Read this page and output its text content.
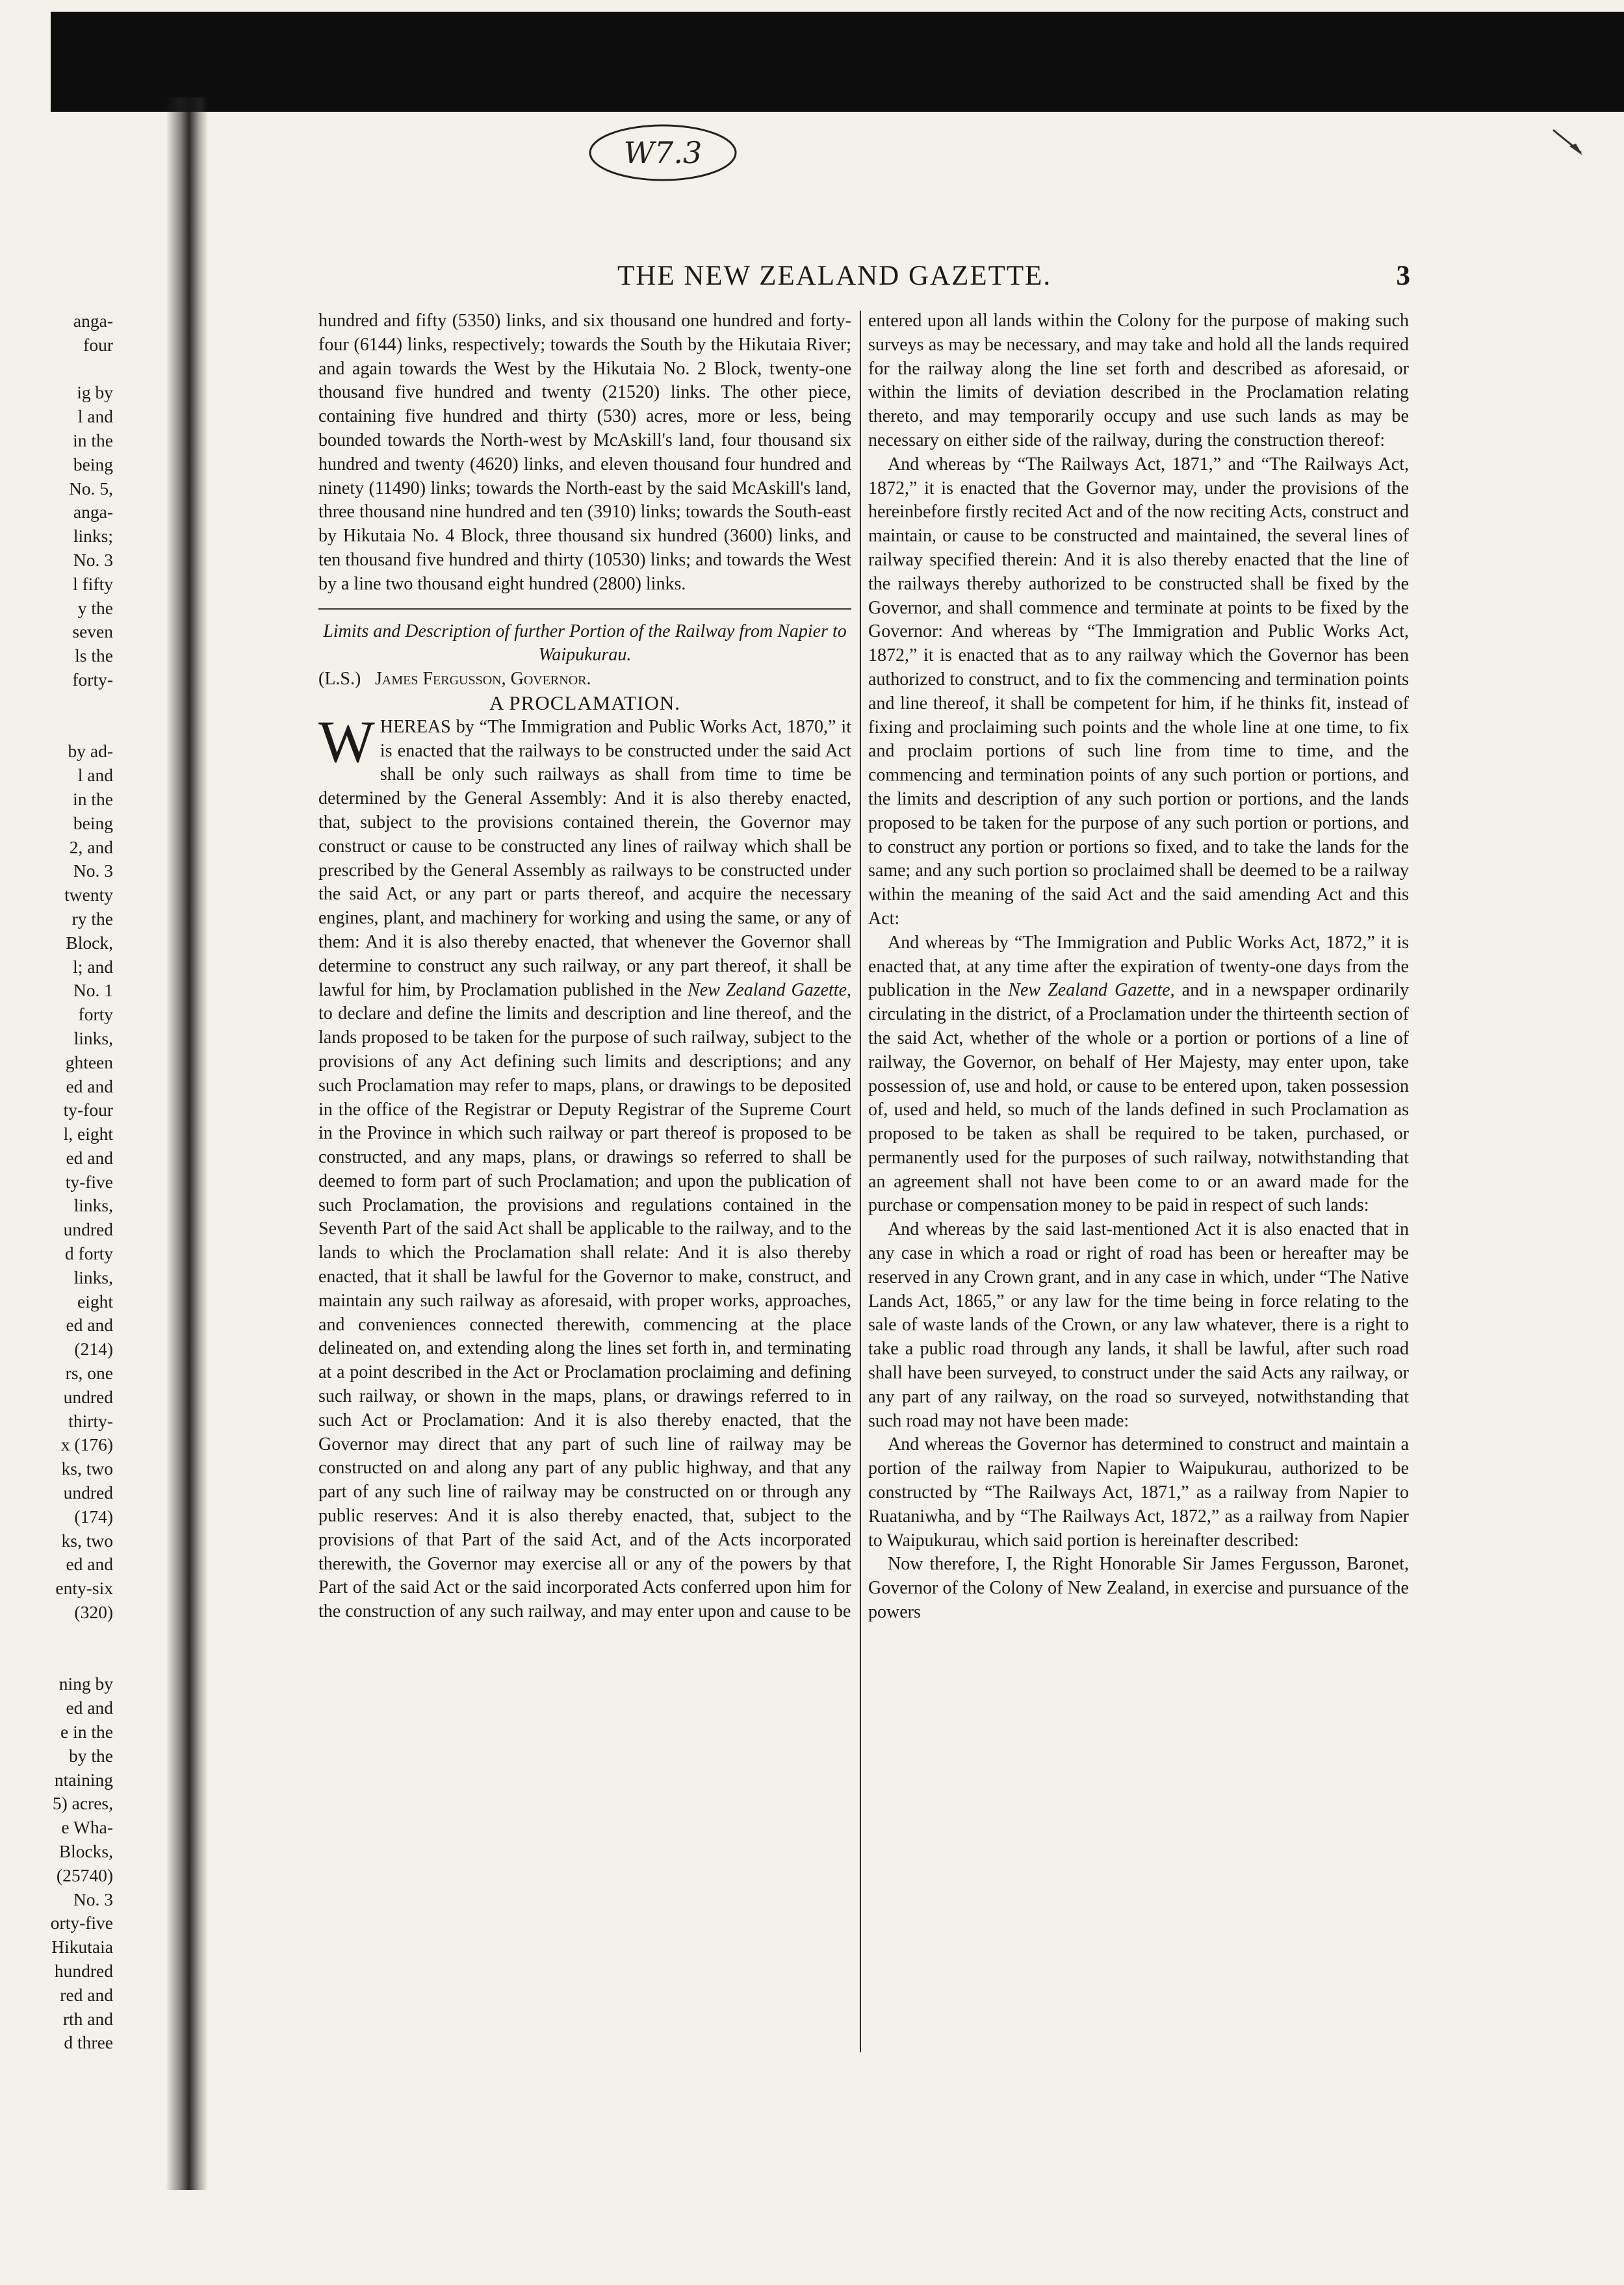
W7.3
THE NEW ZEALAND GAZETTE.	3
anga-
four
ig by
l and
in the
being
No. 5,
anga-
links;
No. 3
l fifty
y the
seven
ls the
forty-
by ad-
l and
in the
being
2, and
No. 3
twenty
ry the
Block,
l; and
No. 1
forty
links,
ghteen
ed and
ty-four
l, eight
ed and
ty-five
links,
undred
d forty
links,
eight
ed and
(214)
rs, one
undred
thirty-
x (176)
ks, two
undred
(174)
ks, two
ed and
enty-six
(320)
ning by
ed and
e in the
by the
ntaining
5) acres,
e Wha-
Blocks,
(25740)
No. 3
orty-five
Hikutaia
hundred
red and
rth and
d three

hundred and fifty (5350) links, and six thousand one hundred and forty-four (6144) links, respectively; towards the South by the Hikutaia River; and again towards the West by the Hikutaia No. 2 Block, twenty-one thousand five hundred and twenty (21520) links. The other piece, containing five hundred and thirty (530) acres, more or less, being bounded towards the North-west by McAskill's land, four thousand six hundred and twenty (4620) links, and eleven thousand four hundred and ninety (11490) links; towards the North-east by the said McAskill's land, three thousand nine hundred and ten (3910) links; towards the South-east by Hikutaia No. 4 Block, three thousand six hundred (3600) links, and ten thousand five hundred and thirty (10530) links; and towards the West by a line two thousand eight hundred (2800) links.

Limits and Description of further Portion of the Railway from Napier to Waipukurau.

(L.S.) James Fergusson, Governor.

A PROCLAMATION.

WHEREAS by “The Immigration and Public Works Act, 1870,” it is enacted that the railways to be constructed under the said Act shall be only such railways as shall from time to time be determined by the General Assembly: And it is also thereby enacted, that, subject to the provisions contained therein, the Governor may construct or cause to be constructed any lines of railway which shall be prescribed by the General Assembly as railways to be constructed under the said Act, or any part or parts thereof, and acquire the necessary engines, plant, and machinery for working and using the same, or any of them: And it is also thereby enacted, that whenever the Governor shall determine to construct any such railway, or any part thereof, it shall be lawful for him, by Proclamation published in the New Zealand Gazette, to declare and define the limits and description and line thereof, and the lands proposed to be taken for the purpose of such railway, subject to the provisions of any Act defining such limits and descriptions; and any such Proclamation may refer to maps, plans, or drawings to be deposited in the office of the Registrar or Deputy Registrar of the Supreme Court in the Province in which such railway or part thereof is proposed to be constructed, and any maps, plans, or drawings so referred to shall be deemed to form part of such Proclamation; and upon the publication of such Proclamation, the provisions and regulations contained in the Seventh Part of the said Act shall be applicable to the railway, and to the lands to which the Proclamation shall relate: And it is also thereby enacted, that it shall be lawful for the Governor to make, construct, and maintain any such railway as aforesaid, with proper works, approaches, and conveniences connected therewith, commencing at the place delineated on, and extending along the lines set forth in, and terminating at a point described in the Act or Proclamation proclaiming and defining such railway, or shown in the maps, plans, or drawings referred to in such Act or Proclamation: And it is also thereby enacted, that the Governor may direct that any part of such line of railway may be constructed on and along any part of any public highway, and that any part of any such line of railway may be constructed on or through any public reserves: And it is also thereby enacted, that, subject to the provisions of that Part of the said Act, and of the Acts incorporated therewith, the Governor may exercise all or any of the powers by that Part of the said Act or the said incorporated Acts conferred upon him for the construction of any such railway, and may enter upon and cause to be

entered upon all lands within the Colony for the purpose of making such surveys as may be necessary, and may take and hold all the lands required for the railway along the line set forth and described as aforesaid, or within the limits of deviation described in the Proclamation relating thereto, and may temporarily occupy and use such lands as may be necessary on either side of the railway, during the construction thereof:

And whereas by “The Railways Act, 1871,” and “The Railways Act, 1872,” it is enacted that the Governor may, under the provisions of the hereinbefore firstly recited Act and of the now reciting Acts, construct and maintain, or cause to be constructed and maintained, the several lines of railway specified therein: And it is also thereby enacted that the line of the railways thereby authorized to be constructed shall be fixed by the Governor, and shall commence and terminate at points to be fixed by the Governor: And whereas by “The Immigration and Public Works Act, 1872,” it is enacted that as to any railway which the Governor has been authorized to construct, and to fix the commencing and termination points and line thereof, it shall be competent for him, if he thinks fit, instead of fixing and proclaiming such points and the whole line at one time, to fix and proclaim portions of such line from time to time, and the commencing and termination points of any such portion or portions, and the limits and description of any such portion or portions, and the lands proposed to be taken for the purpose of any such portion or portions, and to construct any portion or portions so fixed, and to take the lands for the same; and any such portion so proclaimed shall be deemed to be a railway within the meaning of the said Act and the said amending Act and this Act:

And whereas by “The Immigration and Public Works Act, 1872,” it is enacted that, at any time after the expiration of twenty-one days from the publication in the New Zealand Gazette, and in a newspaper ordinarily circulating in the district, of a Proclamation under the thirteenth section of the said Act, whether of the whole or a portion or portions of a line of railway, the Governor, on behalf of Her Majesty, may enter upon, take possession of, use and hold, or cause to be entered upon, taken possession of, used and held, so much of the lands defined in such Proclamation as proposed to be taken as shall be required to be taken, purchased, or permanently used for the purposes of such railway, notwithstanding that an agreement shall not have been come to or an award made for the purchase or compensation money to be paid in respect of such lands:

And whereas by the said last-mentioned Act it is also enacted that in any case in which a road or right of road has been or hereafter may be reserved in any Crown grant, and in any case in which, under “The Native Lands Act, 1865,” or any law for the time being in force relating to the sale of waste lands of the Crown, or any law whatever, there is a right to take a public road through any lands, it shall be lawful, after such road shall have been surveyed, to construct under the said Acts any railway, or any part of any railway, on the road so surveyed, notwithstanding that such road may not have been made:

And whereas the Governor has determined to construct and maintain a portion of the railway from Napier to Waipukurau, authorized to be constructed by “The Railways Act, 1871,” as a railway from Napier to Ruataniwha, and by “The Railways Act, 1872,” as a railway from Napier to Waipukurau, which said portion is hereinafter described:

Now therefore, I, the Right Honorable Sir James Fergusson, Baronet, Governor of the Colony of New Zealand, in exercise and pursuance of the powers
